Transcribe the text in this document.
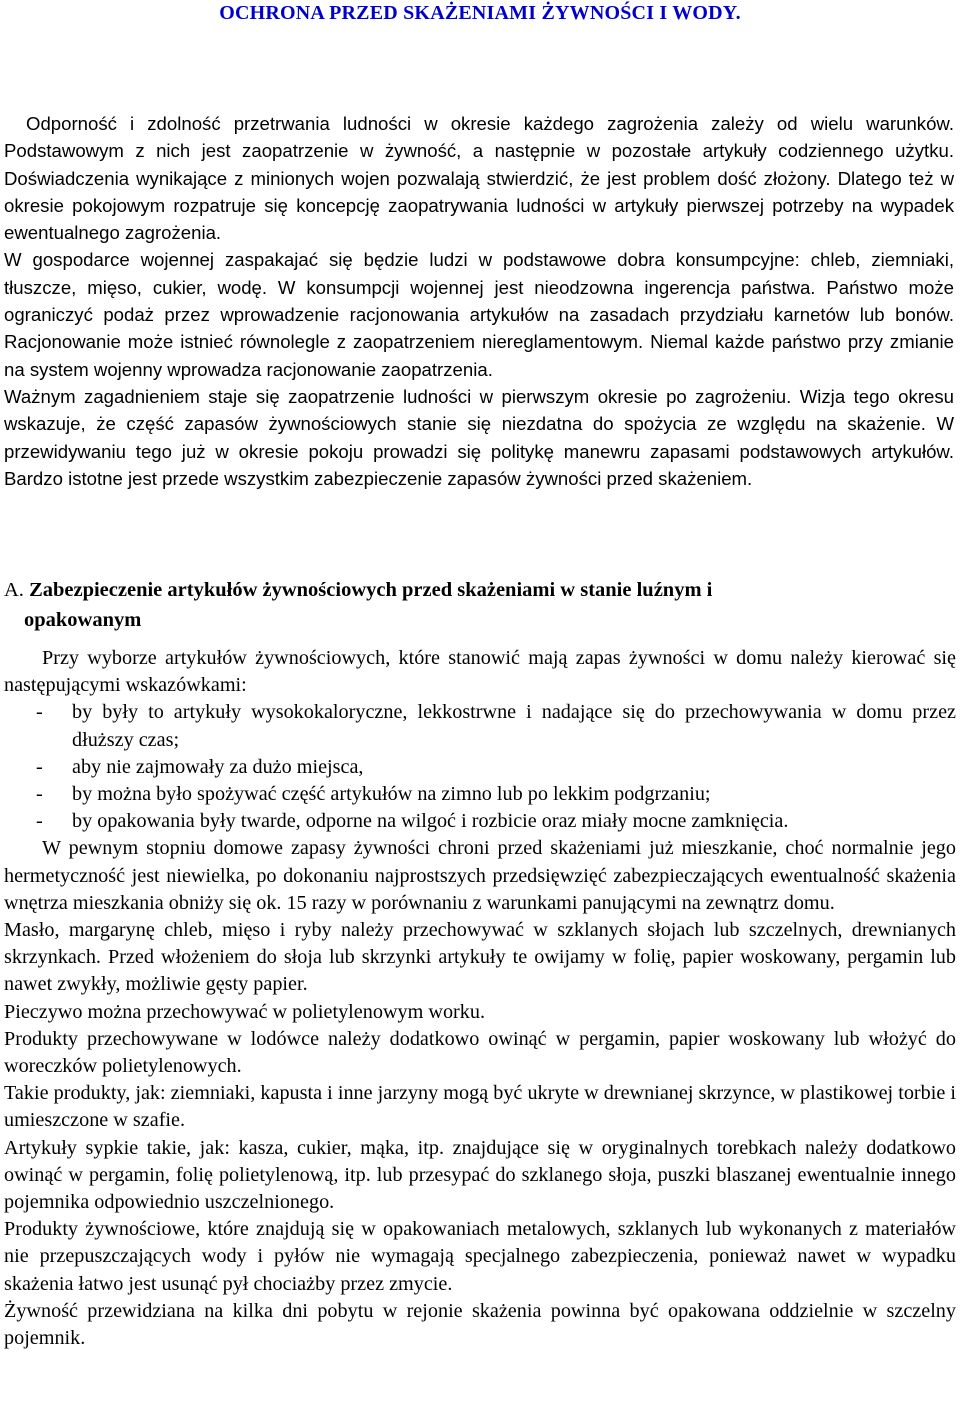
OCHRONA PRZED SKAŻENIAMI ŻYWNOŚCI I WODY.

Odporność i zdolność przetrwania ludności w okresie każdego zagrożenia zależy od wielu warunków. Podstawowym z nich jest zaopatrzenie w żywność, a następnie w pozostałe artykuły codziennego użytku. Doświadczenia wynikające z minionych wojen pozwalają stwierdzić, że jest problem dość złożony. Dlatego też w okresie pokojowym rozpatruje się koncepcję zaopatrywania ludności w artykuły pierwszej potrzeby na wypadek ewentualnego zagrożenia.

W gospodarce wojennej zaspakajać się będzie ludzi w podstawowe dobra konsumpcyjne: chleb, ziemniaki, tłuszcze, mięso, cukier, wodę. W konsumpcji wojennej jest nieodzowna ingerencja państwa. Państwo może ograniczyć podaż przez wprowadzenie racjonowania artykułów na zasadach przydziału karnetów lub bonów. Racjonowanie może istnieć równolegle z zaopatrzeniem niereglamentowym. Niemal każde państwo przy zmianie na system wojenny wprowadza racjonowanie zaopatrzenia.

Ważnym zagadnieniem staje się zaopatrzenie ludności w pierwszym okresie po zagrożeniu. Wizja tego okresu wskazuje, że część zapasów żywnościowych stanie się niezdatna do spożycia ze względu na skażenie. W przewidywaniu tego już w okresie pokoju prowadzi się politykę manewru zapasami podstawowych artykułów. Bardzo istotne jest przede wszystkim zabezpieczenie zapasów żywności przed skażeniem.

A. Zabezpieczenie artykułów żywnościowych przed skażeniami w stanie luźnym i
opakowanym

Przy wyborze artykułów żywnościowych, które stanowić mają zapas żywności w domu należy kierować się następującymi wskazówkami:

- by były to artykuły wysokokaloryczne, lekkostrwne i nadające się do przechowywania w domu przez dłuższy czas;
- aby nie zajmowały za dużo miejsca,
- by można było spożywać część artykułów na zimno lub po lekkim podgrzaniu;
- by opakowania były twarde, odporne na wilgoć i rozbicie oraz miały mocne zamknięcia.

W pewnym stopniu domowe zapasy żywności chroni przed skażeniami już mieszkanie, choć normalnie jego hermetyczność jest niewielka, po dokonaniu najprostszych przedsięwzięć zabezpieczających ewentualność skażenia wnętrza mieszkania obniży się ok. 15 razy w porównaniu z warunkami panującymi na zewnątrz domu.

Masło, margarynę chleb, mięso i ryby należy przechowywać w szklanych słojach lub szczelnych, drewnianych skrzynkach. Przed włożeniem do słoja lub skrzynki artykuły te owijamy w folię, papier woskowany, pergamin lub nawet zwykły, możliwie gęsty papier.

Pieczywo można przechowywać w polietylenowym worku.

Produkty przechowywane w lodówce należy dodatkowo owinąć w pergamin, papier woskowany lub włożyć do woreczków polietylenowych.

Takie produkty, jak: ziemniaki, kapusta i inne jarzyny mogą być ukryte w drewnianej skrzynce, w plastikowej torbie i umieszczone w szafie.

Artykuły sypkie takie, jak: kasza, cukier, mąka, itp. znajdujące się w oryginalnych torebkach należy dodatkowo owinąć w pergamin, folię polietylenową, itp. lub przesypać do szklanego słoja, puszki blaszanej ewentualnie innego pojemnika odpowiednio uszczelnionego.

Produkty żywnościowe, które znajdują się w opakowaniach metalowych, szklanych lub wykonanych z materiałów nie przepuszczających wody i pyłów nie wymagają specjalnego zabezpieczenia, ponieważ nawet w wypadku skażenia łatwo jest usunąć pył chociażby przez zmycie.

Żywność przewidziana na kilka dni pobytu w rejonie skażenia powinna być opakowana oddzielnie w szczelny pojemnik.
